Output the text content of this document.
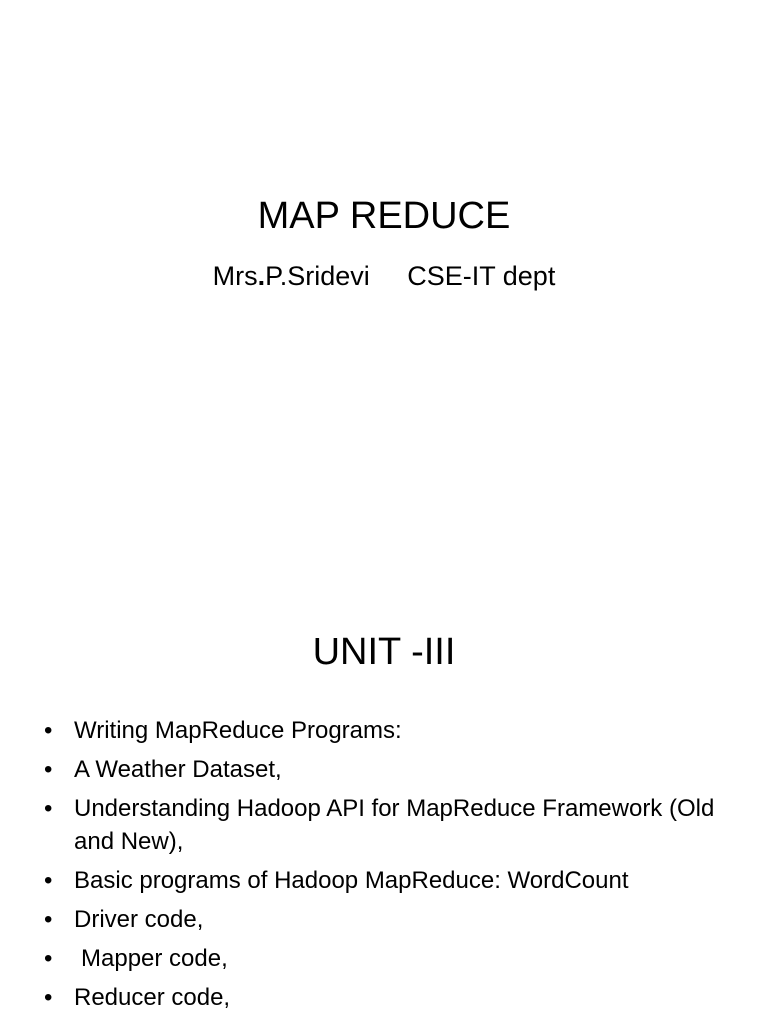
MAP REDUCE
Mrs.P.Sridevi CSE-IT dept
UNIT -III
• Writing MapReduce Programs:
• A Weather Dataset,
• Understanding Hadoop API for MapReduce Framework (Old and New),
• Basic programs of Hadoop MapReduce: WordCount
• Driver code,
• Mapper code,
• Reducer code,
